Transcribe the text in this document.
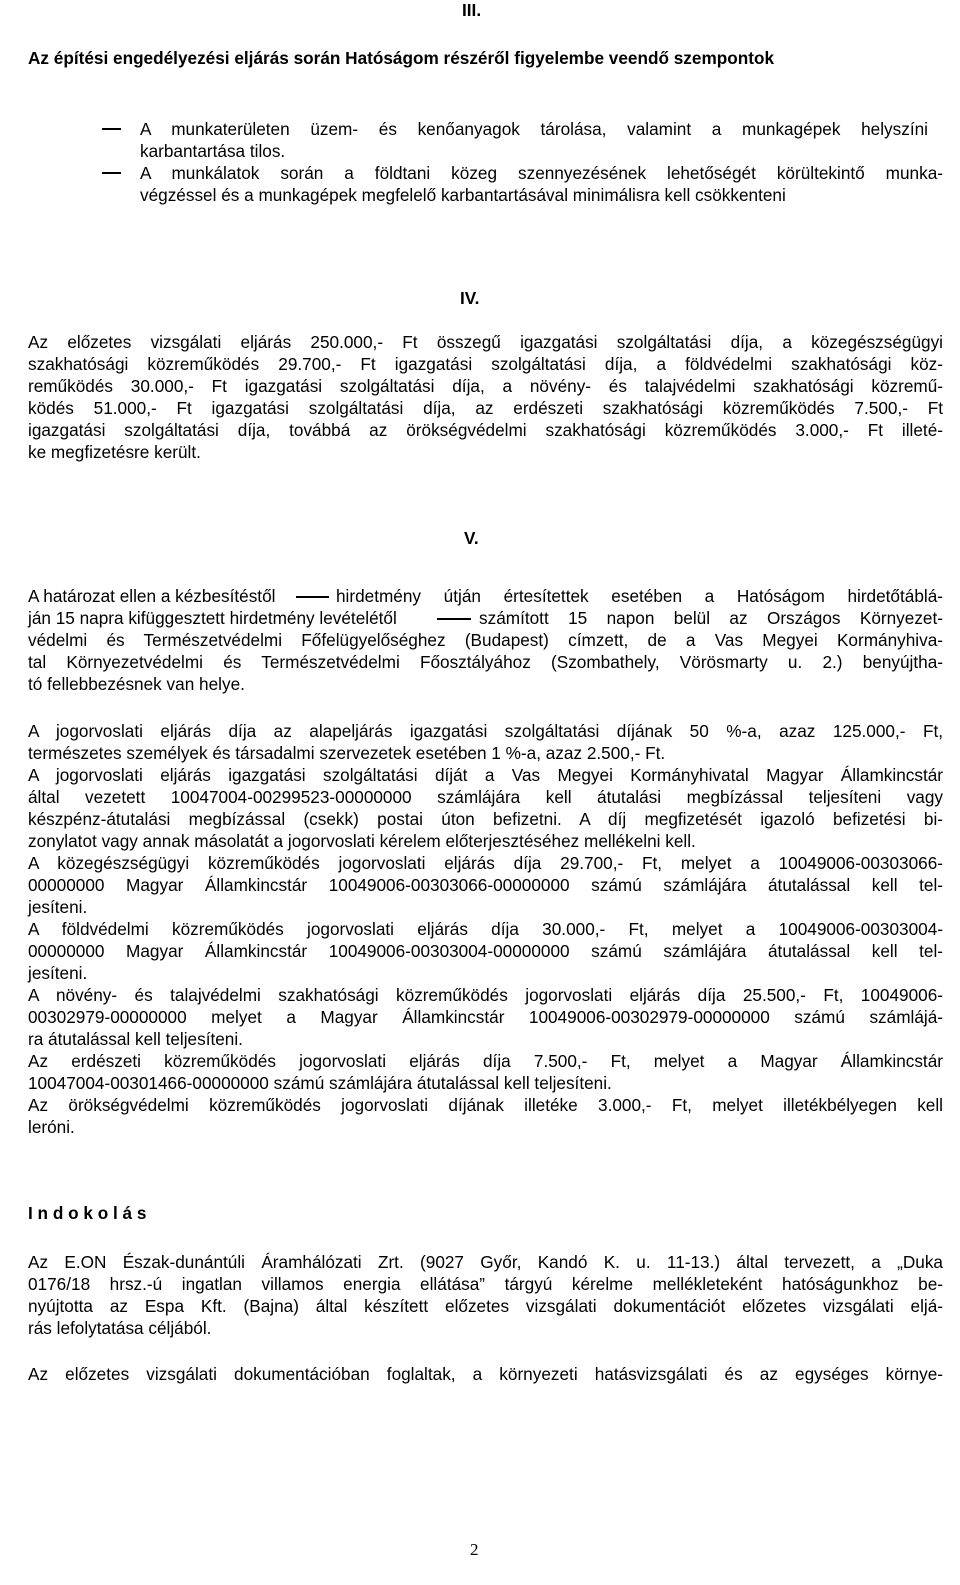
III.
Az építési engedélyezési eljárás során Hatóságom részéről figyelembe veendő szempontok
A munkaterületen üzem- és kenőanyagok tárolása, valamint a munkagépek helyszíni
karbantartása tilos.
A munkálatok során a földtani közeg szennyezésének lehetőségét körültekintő munka-
végzéssel és a munkagépek megfelelő karbantartásával minimálisra kell csökkenteni
IV.
Az előzetes vizsgálati eljárás 250.000,- Ft összegű igazgatási szolgáltatási díja, a közegészségügyi
szakhatósági közreműködés 29.700,- Ft igazgatási szolgáltatási díja, a földvédelmi szakhatósági köz-
reműködés 30.000,- Ft igazgatási szolgáltatási díja, a növény- és talajvédelmi szakhatósági közremű-
ködés 51.000,- Ft igazgatási szolgáltatási díja, az erdészeti szakhatósági közreműködés 7.500,- Ft
igazgatási szolgáltatási díja, továbbá az örökségvédelmi szakhatósági közreműködés 3.000,- Ft illeté-
ke megfizetésre került.
V.
A határozat ellen a kézbesítéstől	hirdetmény útján értesítettek esetében a Hatóságom hirdetőtáblá-
ján 15 napra kifüggesztett hirdetmény levételétől	számított 15 napon belül az Országos Környezet-
védelmi és Természetvédelmi Főfelügyelőséghez (Budapest) címzett, de a Vas Megyei Kormányhiva-
tal Környezetvédelmi és Természetvédelmi Főosztályához (Szombathely, Vörösmarty u. 2.) benyújtha-
tó fellebbezésnek van helye.
A jogorvoslati eljárás díja az alapeljárás igazgatási szolgáltatási díjának 50 %-a, azaz 125.000,- Ft,
természetes személyek és társadalmi szervezetek esetében 1 %-a, azaz 2.500,- Ft.
A jogorvoslati eljárás igazgatási szolgáltatási díját a Vas Megyei Kormányhivatal Magyar Államkincstár
által vezetett 10047004-00299523-00000000 számlájára kell átutalási megbízással teljesíteni vagy
készpénz-átutalási megbízással (csekk) postai úton befizetni. A díj megfizetését igazoló befizetési bi-
zonylatot vagy annak másolatát a jogorvoslati kérelem előterjesztéséhez mellékelni kell.
A közegészségügyi közreműködés jogorvoslati eljárás díja 29.700,- Ft, melyet a 10049006-00303066-
00000000 Magyar Államkincstár 10049006-00303066-00000000 számú számlájára átutalással kell tel-
jesíteni.
A földvédelmi közreműködés jogorvoslati eljárás díja 30.000,- Ft, melyet a 10049006-00303004-
00000000 Magyar Államkincstár 10049006-00303004-00000000 számú számlájára átutalással kell tel-
jesíteni.
A növény- és talajvédelmi szakhatósági közreműködés jogorvoslati eljárás díja 25.500,- Ft, 10049006-
00302979-00000000 melyet a Magyar Államkincstár 10049006-00302979-00000000 számú számlájá-
ra átutalással kell teljesíteni.
Az erdészeti közreműködés jogorvoslati eljárás díja 7.500,- Ft, melyet a Magyar Államkincstár
10047004-00301466-00000000 számú számlájára átutalással kell teljesíteni.
Az örökségvédelmi közreműködés jogorvoslati díjának illetéke 3.000,- Ft, melyet illetékbélyegen kell
leróni.
I n d o k o l á s
Az E.ON Észak-dunántúli Áramhálózati Zrt. (9027 Győr, Kandó K. u. 11-13.) által tervezett, a „Duka
0176/18 hrsz.-ú ingatlan villamos energia ellátása” tárgyú kérelme mellékleteként hatóságunkhoz be-
nyújtotta az Espa Kft. (Bajna) által készített előzetes vizsgálati dokumentációt előzetes vizsgálati eljá-
rás lefolytatása céljából.
Az előzetes vizsgálati dokumentációban foglaltak, a környezeti hatásvizsgálati és az egységes környe-
2
